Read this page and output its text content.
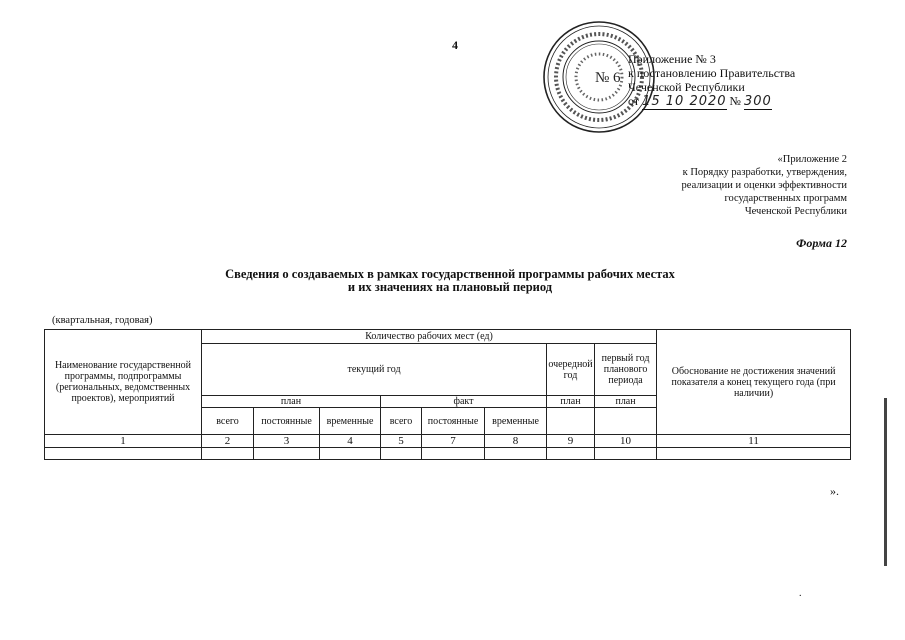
4
№ 6
Приложение № 3
к постановлению Правительства
Чеченской Республики
от 15 10 2020 № 300
«Приложение 2
к Порядку разработки, утверждения,
реализации и оценки эффективности
государственных программ
Чеченской Республики
Форма 12
Сведения о создаваемых в рамках государственной программы рабочих местах
и их значениях на плановый период
(квартальная, годовая)
Наименование государственной программы, подпрограммы (региональных, ведомственных проектов), мероприятий	Количество рабочих мест (ед)								Обоснование не достижения значений показателя а конец текущего года (при наличии)
	текущий год						очередной год	первый год планового периода	
	план			факт			план	план	
	всего	постоянные	временные	всего	постоянные	временные			
1	2	3	4	5	7	8	9	10	11

».
.
